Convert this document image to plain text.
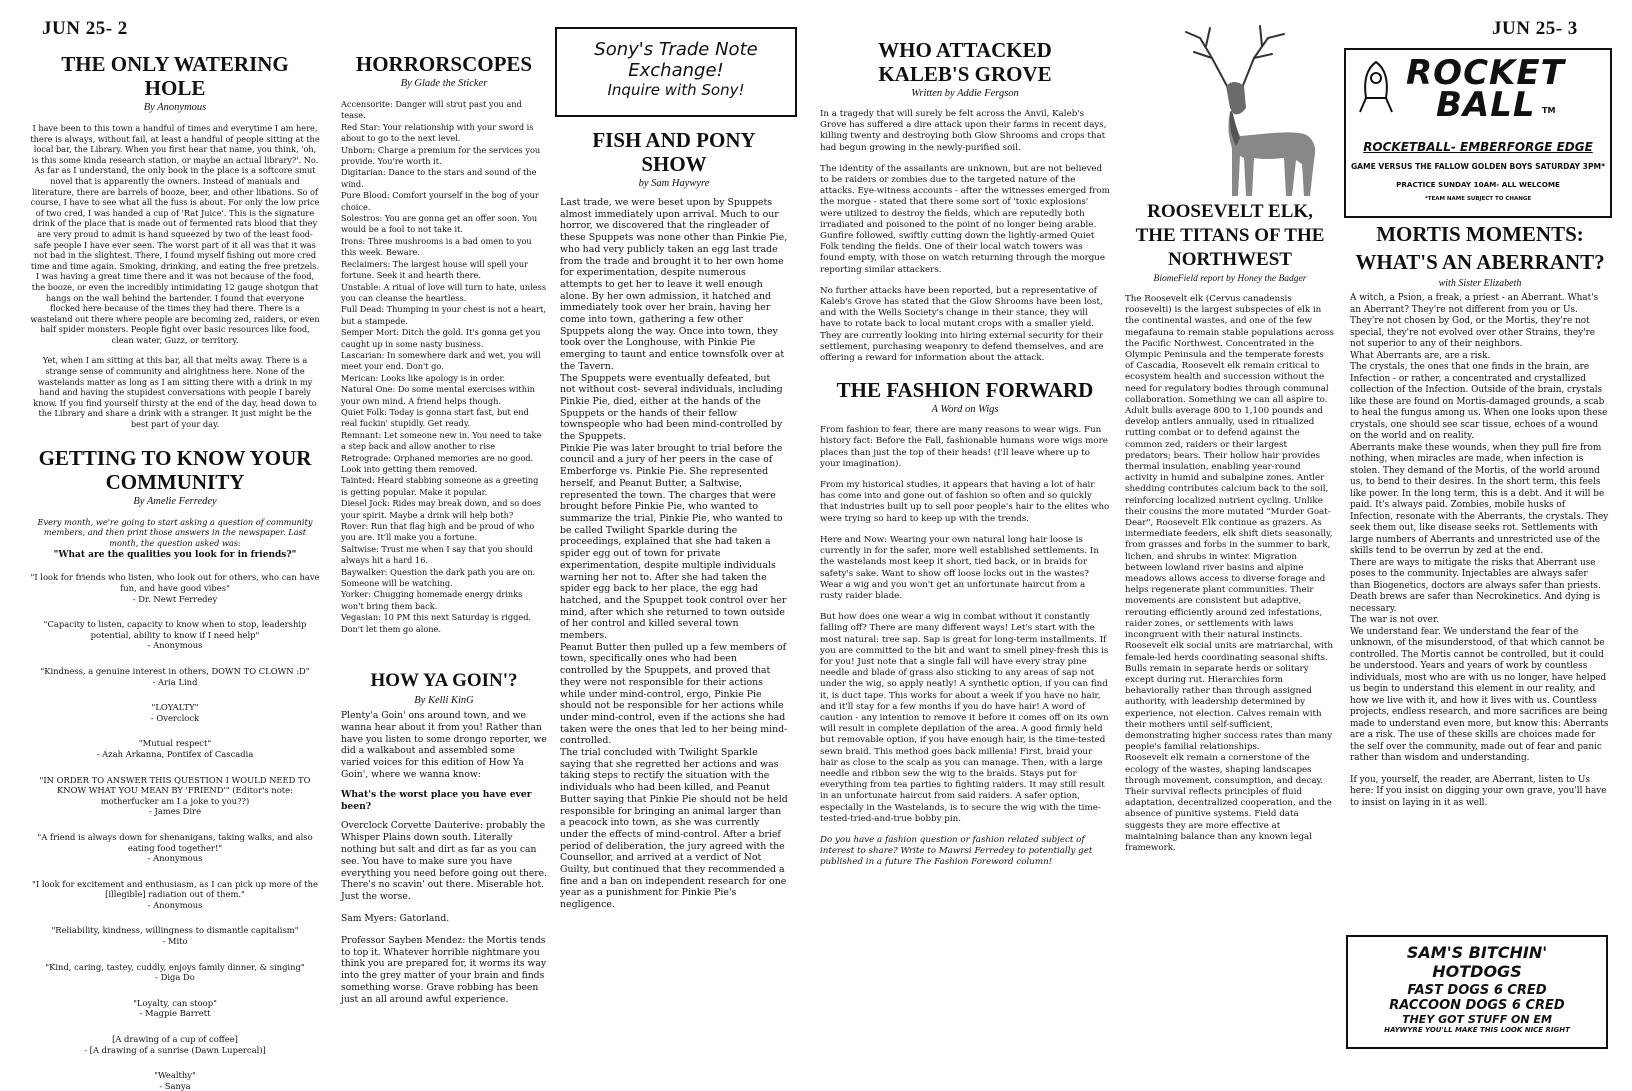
JUN 25- 2	JUN 25- 3
THE ONLY WATERING HOLE
By Anonymous

I have been to this town a handful of times and everytime I am here, there is always, without fail, at least a handful of people sitting at the local bar, the Library. When you first hear that name, you think, 'oh, is this some kinda research station, or maybe an actual library?'. No. As far as I understand, the only book in the place is a softcore smut novel that is apparently the owners. Instead of manuals and literature, there are barrels of booze, beer, and other libations. So of course, I have to see what all the fuss is about. For only the low price of two cred, I was handed a cup of 'Rat Juice'. This is the signature drink of the place that is made out of fermented rats blood that they are very proud to admit is hand squeezed by two of the least food-safe people I have ever seen. The worst part of it all was that it was not bad in the slightest. There, I found myself fishing out more cred time and time again. Smoking, drinking, and eating the free pretzels. I was having a great time there and it was not because of the food, the booze, or even the incredibly intimidating 12 gauge shotgun that hangs on the wall behind the bartender. I found that everyone flocked here because of the times they had there. There is a wasteland out there where people are becoming zed, raiders, or even half spider monsters. People fight over basic resources like food, clean water, Guzz, or territory.

Yet, when I am sitting at this bar, all that melts away. There is a strange sense of community and alrightness here. None of the wastelands matter as long as I am sitting there with a drink in my hand and having the stupidest conversations with people I barely know. If you find yourself thirsty at the end of the day, head down to the Library and share a drink with a stranger. It just might be the best part of your day.

GETTING TO KNOW YOUR COMMUNITY
By Amelie Ferredey

Every month, we're going to start asking a question of community members, and then print those answers in the newspaper. Last month, the question asked was:

"What are the qualities you look for in friends?"

"I look for friends who listen, who look out for others, who can have fun, and have good vibes"
- Dr. Newt Ferredey
"Capacity to listen, capacity to know when to stop, leadership potential, ability to know if I need help"
- Anonymous
"Kindness, a genuine interest in others, DOWN TO CLOWN :D"
- Aria Lind
"LOYALTY"
- Overclock
"Mutual respect"
- Azah Arkanna, Pontifex of Cascadia
"IN ORDER TO ANSWER THIS QUESTION I WOULD NEED TO KNOW WHAT YOU MEAN BY 'FRIEND'" (Editor's note: motherfucker am I a joke to you??)
- James Dire
"A friend is always down for shenanigans, taking walks, and also eating food together!"
- Anonymous
"I look for excitement and enthusiasm, as I can pick up more of the [illegible] radiation out of them."
- Anonymous
"Reliability, kindness, willingness to dismantle capitalism"
- Mito
"Kind, caring, tastey, cuddly, enjoys family dinner, & singing"
- Diga Do
"Loyalty, can stoop"
- Magpie Barrett
[A drawing of a cup of coffee]
- [A drawing of a sunrise (Dawn Lupercal)]
"Wealthy"
- Sanya
HORRORSCOPES
By Glade the Sticker
Accensorite: Danger will strut past you and tease.
Red Star: Your relationship with your sword is about to go to the next level.
Unborn: Charge a premium for the services you provide. You're worth it.
Digitarian: Dance to the stars and sound of the wind.
Pure Blood: Comfort yourself in the bog of your choice.
Solestros: You are gonna get an offer soon. You would be a fool to not take it.
Irons: Three mushrooms is a bad omen to you this week. Beware.
Reclaimers: The largest house will spell your fortune. Seek it and hearth there.
Unstable: A ritual of love will turn to hate, unless you can cleanse the heartless.
Full Dead: Thumping in your chest is not a heart, but a stampede.
Semper Mort: Ditch the gold. It's gonna get you caught up in some nasty business.
Lascarian: In somewhere dark and wet, you will meet your end. Don't go.
Merican: Looks like apology is in order.
Natural One: Do some mental exercises within your own mind. A friend helps though.
Quiet Folk: Today is gonna start fast, but end real fuckin' stupidly. Get ready.
Remnant: Let someone new in. You need to take a step back and allow another to rise
Retrograde: Orphaned memories are no good. Look into getting them removed.
Tainted: Heard stabbing someone as a greeting is getting popular. Make it popular.
Diesel Jock: Rides may break down, and so does your spirit. Maybe a drink will help both?
Rover: Run that flag high and be proud of who you are. It'll make you a fortune.
Saltwise: Trust me when I say that you should always hit a hard 16.
Baywalker: Question the dark path you are on. Someone will be watching.
Yorker: Chugging homemade energy drinks won't bring them back.
Vegasian: 10 PM this next Saturday is rigged. Don't let them go alone.
HOW YA GOIN'?
By Kelli KinG

Plenty'a Goin' ons around town, and we wanna hear about it from you! Rather than have you listen to some drongo reporter, we did a walkabout and assembled some varied voices for this edition of How Ya Goin', where we wanna know:

What's the worst place you have ever been?

Overclock Corvette Dauterive: probably the Whisper Plains down south. Literally nothing but salt and dirt as far as you can see. You have to make sure you have everything you need before going out there. There's no scavin' out there. Miserable hot. Just the worse.

Sam Myers: Gatorland.

Professor Sayben Mendez: the Mortis tends to top it. Whatever horrible nightmare you think you are prepared for, it worms its way into the grey matter of your brain and finds something worse. Grave robbing has been just an all around awful experience.

Sony's Trade Note
Exchange!
Inquire with Sony!
FISH AND PONY SHOW
by Sam Haywyre
Last trade, we were beset upon by Spuppets almost immediately upon arrival. Much to our horror, we discovered that the ringleader of these Spuppets was none other than Pinkie Pie, who had very publicly taken an egg last trade from the trade and brought it to her own home for experimentation, despite numerous attempts to get her to leave it well enough alone. By her own admission, it hatched and immediately took over her brain, having her come into town, gathering a few other Spuppets along the way. Once into town, they took over the Longhouse, with Pinkie Pie emerging to taunt and entice townsfolk over at the Tavern.
The Spuppets were eventually defeated, but not without cost- several individuals, including Pinkie Pie, died, either at the hands of the Spuppets or the hands of their fellow townspeople who had been mind-controlled by the Spuppets.
Pinkie Pie was later brought to trial before the council and a jury of her peers in the case of Emberforge vs. Pinkie Pie. She represented herself, and Peanut Butter, a Saltwise, represented the town. The charges that were brought before Pinkie Pie, who wanted to summarize the trial, Pinkie Pie, who wanted to be called Twilight Sparkle during the proceedings, explained that she had taken a spider egg out of town for private experimentation, despite multiple individuals warning her not to. After she had taken the spider egg back to her place, the egg had hatched, and the Spuppet took control over her mind, after which she returned to town outside of her control and killed several town members.
Peanut Butter then pulled up a few members of town, specifically ones who had been controlled by the Spuppets, and proved that they were not responsible for their actions while under mind-control, ergo, Pinkie Pie should not be responsible for her actions while under mind-control, even if the actions she had taken were the ones that led to her being mind-controlled.
The trial concluded with Twilight Sparkle saying that she regretted her actions and was taking steps to rectify the situation with the individuals who had been killed, and Peanut Butter saying that Pinkie Pie should not be held responsible for bringing an animal larger than a peacock into town, as she was currently under the effects of mind-control. After a brief period of deliberation, the jury agreed with the Counsellor, and arrived at a verdict of Not Guilty, but continued that they recommended a fine and a ban on independent research for one year as a punishment for Pinkie Pie's negligence.
WHO ATTACKED KALEB'S GROVE
Written by Addie Fergson

In a tragedy that will surely be felt across the Anvil, Kaleb's Grove has suffered a dire attack upon their farms in recent days, killing twenty and destroying both Glow Shrooms and crops that had begun growing in the newly-purified soil.

The identity of the assailants are unknown, but are not believed to be raiders or zombies due to the targeted nature of the attacks. Eye-witness accounts - after the witnesses emerged from the morgue - stated that there some sort of 'toxic explosions' were utilized to destroy the fields, which are reputedly both irradiated and poisoned to the point of no longer being arable. Gunfire followed, swiftly cutting down the lightly-armed Quiet Folk tending the fields. One of their local watch towers was found empty, with those on watch returning through the morgue reporting similar attackers.

No further attacks have been reported, but a representative of Kaleb's Grove has stated that the Glow Shrooms have been lost, and with the Wells Society's change in their stance, they will have to rotate back to local mutant crops with a smaller yield. They are currently looking into hiring external security for their settlement, purchasing weaponry to defend themselves, and are offering a reward for information about the attack.

THE FASHION FORWARD
A Word on Wigs

From fashion to fear, there are many reasons to wear wigs. Fun history fact: Before the Fall, fashionable humans wore wigs more places than just the top of their heads! (I'll leave where up to your imagination).

From my historical studies, it appears that having a lot of hair has come into and gone out of fashion so often and so quickly that industries built up to sell poor people's hair to the elites who were trying so hard to keep up with the trends.

Here and Now: Wearing your own natural long hair loose is currently in for the safer, more well established settlements. In the wastelands most keep it short, tied back, or in braids for safety's sake. Want to show off loose locks out in the wastes? Wear a wig and you won't get an unfortunate haircut from a rusty raider blade.

But how does one wear a wig in combat without it constantly falling off? There are many different ways! Let's start with the most natural: tree sap. Sap is great for long-term installments. If you are committed to the bit and want to smell piney-fresh this is for you! Just note that a single fall will have every stray pine needle and blade of grass also sticking to any areas of sap not under the wig, so apply neatly! A synthetic option, if you can find it, is duct tape. This works for about a week if you have no hair, and it'll stay for a few months if you do have hair! A word of caution - any intention to remove it before it comes off on its own will result in complete depilation of the area. A good firmly held but removable option, if you have enough hair, is the time-tested sewn braid. This method goes back millenia! First, braid your hair as close to the scalp as you can manage. Then, with a large needle and ribbon sew the wig to the braids. Stays put for everything from tea parties to fighting raiders. It may still result in an unfortunate haircut from said raiders. A safer option, especially in the Wastelands, is to secure the wig with the time-tested-tried-and-true bobby pin.

Do you have a fashion question or fashion related subject of interest to share? Write to Mawrsi Ferredey to potentially get published in a future The Fashion Foreword column!

ROOSEVELT ELK, THE TITANS OF THE NORTHWEST
BiomeField report by Honey the Badger
The Roosevelt elk (Cervus canadensis roosevelti) is the largest subspecies of elk in the continental wastes, and one of the few megafauna to remain stable populations across the Pacific Northwest. Concentrated in the Olympic Peninsula and the temperate forests of Cascadia, Roosevelt elk remain critical to ecosystem health and succession without the need for regulatory bodies through communal collaboration. Something we can all aspire to.
Adult bulls average 800 to 1,100 pounds and develop antlers annually, used in ritualized rutting combat or to defend against the common zed, raiders or their largest predators; bears. Their hollow hair provides thermal insulation, enabling year-round activity in humid and subalpine zones. Antler shedding contributes calcium back to the soil, reinforcing localized nutrient cycling. Unlike their cousins the more mutated "Murder Goat-Dear", Roosevelt Elk continue as grazers. As intermediate feeders, elk shift diets seasonally, from grasses and forbs in the summer to bark, lichen, and shrubs in winter. Migration between lowland river basins and alpine meadows allows access to diverse forage and helps regenerate plant communities. Their movements are consistent but adaptive, rerouting efficiently around zed infestations, raider zones, or settlements with laws incongruent with their natural instincts.
Roosevelt elk social units are matriarchal, with female-led herds coordinating seasonal shifts. Bulls remain in separate herds or solitary except during rut. Hierarchies form behaviorally rather than through assigned authority, with leadership determined by experience, not election. Calves remain with their mothers until self-sufficient, demonstrating higher success rates than many people's familial relationships.
Roosevelt elk remain a cornerstone of the ecology of the wastes, shaping landscapes through movement, consumption, and decay. Their survival reflects principles of fluid adaptation, decentralized cooperation, and the absence of punitive systems. Field data suggests they are more effective at maintaining balance than any known legal framework.
ROCKET
BALL TM
ROCKETBALL- EMBERFORGE EDGE
GAME VERSUS THE FALLOW GOLDEN BOYS SATURDAY 3PM*
PRACTICE SUNDAY 10AM- ALL WELCOME
*TEAM NAME SUBJECT TO CHANGE
MORTIS MOMENTS: WHAT'S AN ABERRANT?
with Sister Elizabeth
A witch, a Psion, a freak, a priest - an Aberrant. What's an Aberrant? They're not different from you or Us. They're not chosen by God, or the Mortis, they're not special, they're not evolved over other Strains, they're not superior to any of their neighbors.
What Aberrants are, are a risk.
The crystals, the ones that one finds in the brain, are Infection - or rather, a concentrated and crystallized collection of the Infection. Outside of the brain, crystals like these are found on Mortis-damaged grounds, a scab to heal the fungus among us. When one looks upon these crystals, one should see scar tissue, echoes of a wound on the world and on reality.
Aberrants make these wounds, when they pull fire from nothing, when miracles are made, when infection is stolen. They demand of the Mortis, of the world around us, to bend to their desires. In the short term, this feels like power. In the long term, this is a debt. And it will be paid. It's always paid. Zombies, mobile husks of Infection, resonate with the Aberrants, the crystals. They seek them out, like disease seeks rot. Settlements with large numbers of Aberrants and unrestricted use of the skills tend to be overrun by zed at the end.
There are ways to mitigate the risks that Aberrant use poses to the community. Injectables are always safer than Biogenetics, doctors are always safer than priests. Death brews are safer than Necrokinetics. And dying is necessary.
The war is not over.
We understand fear. We understand the fear of the unknown, of the misunderstood, of that which cannot be controlled. The Mortis cannot be controlled, but it could be understood. Years and years of work by countless individuals, most who are with us no longer, have helped us begin to understand this element in our reality, and how we live with it, and how it lives with us. Countless projects, endless research, and more sacrifices are being made to understand even more, but know this: Aberrants are a risk. The use of these skills are choices made for the self over the community, made out of fear and panic rather than wisdom and understanding.
If you, yourself, the reader, are Aberrant, listen to Us here: If you insist on digging your own grave, you'll have to insist on laying in it as well.
SAM'S BITCHIN'
HOTDOGS
FAST DOGS 6 CRED
RACCOON DOGS 6 CRED
THEY GOT STUFF ON EM
HAYWYRE YOU'LL MAKE THIS LOOK NICE RIGHT
